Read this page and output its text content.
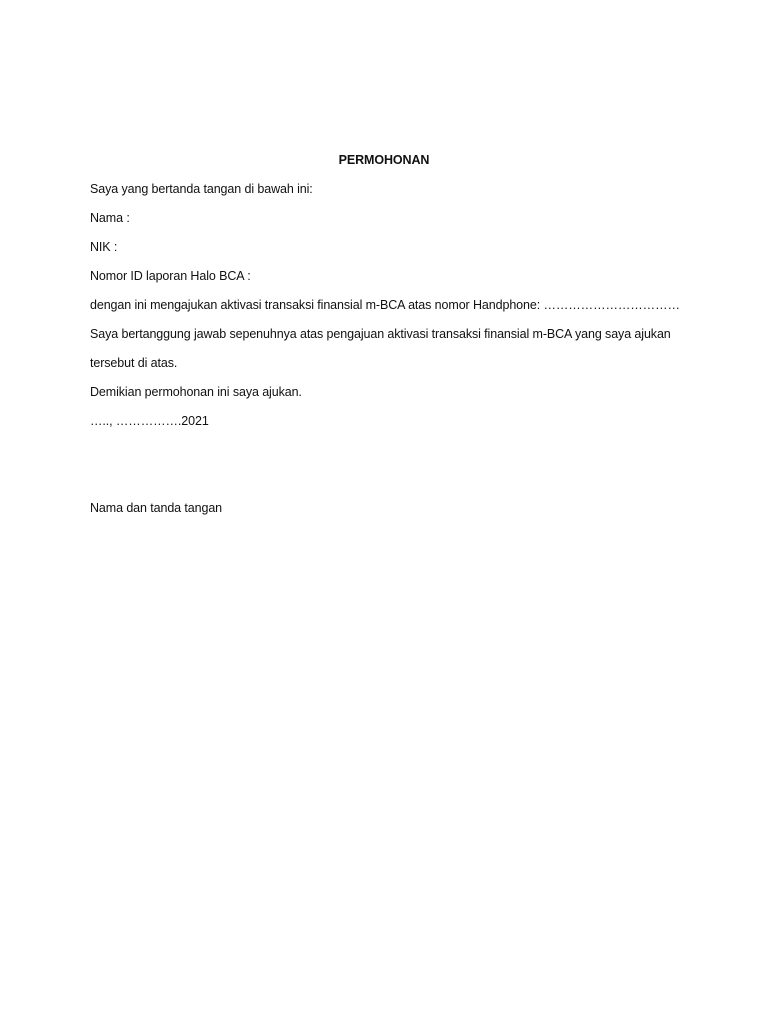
PERMOHONAN
Saya yang bertanda tangan di bawah ini:
Nama :
NIK :
Nomor ID laporan Halo BCA :
dengan ini mengajukan aktivasi transaksi finansial m-BCA atas nomor Handphone: ……………………………
Saya bertanggung jawab sepenuhnya atas pengajuan aktivasi transaksi finansial m-BCA yang saya ajukan
tersebut di atas.
Demikian permohonan ini saya ajukan.
….., …………….2021
Nama dan tanda tangan
